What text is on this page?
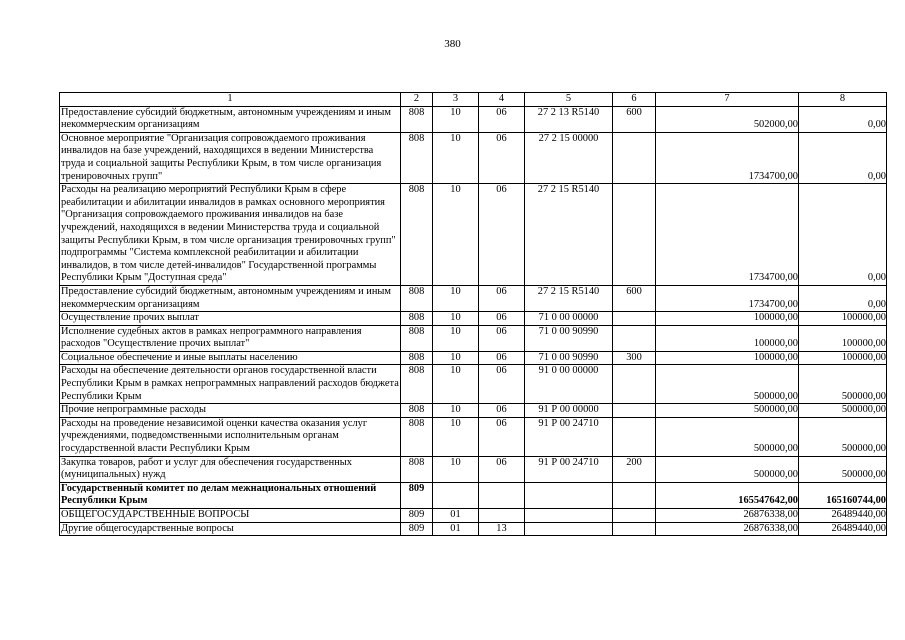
380
1	2	3	4	5	6	7	8
Предоставление субсидий бюджетным, автономным учреждениям и иным некоммерческим организациям	808	10	06	27 2 13 R5140	600	502000,00	0,00
Основное мероприятие "Организация сопровождаемого проживания инвалидов на базе учреждений, находящихся в ведении Министерства труда и социальной защиты Республики Крым, в том числе организация тренировочных групп"	808	10	06	27 2 15 00000		1734700,00	0,00
Расходы на реализацию мероприятий Республики Крым в сфере реабилитации и абилитации инвалидов в рамках основного мероприятия "Организация сопровождаемого проживания инвалидов на базе учреждений, находящихся в ведении Министерства труда и социальной защиты Республики Крым, в том числе организация тренировочных групп" подпрограммы "Система комплексной реабилитации и абилитации инвалидов, в том числе детей-инвалидов" Государственной программы Республики Крым "Доступная среда"	808	10	06	27 2 15 R5140		1734700,00	0,00
Предоставление субсидий бюджетным, автономным учреждениям и иным некоммерческим организациям	808	10	06	27 2 15 R5140	600	1734700,00	0,00
Осуществление прочих выплат	808	10	06	71 0 00 00000		100000,00	100000,00
Исполнение судебных актов в рамках непрограммного направления расходов "Осуществление прочих выплат"	808	10	06	71 0 00 90990		100000,00	100000,00
Социальное обеспечение и иные выплаты населению	808	10	06	71 0 00 90990	300	100000,00	100000,00
Расходы на обеспечение деятельности органов государственной власти Республики Крым в рамках непрограммных направлений расходов бюджета Республики Крым	808	10	06	91 0 00 00000		500000,00	500000,00
Прочие непрограммные расходы	808	10	06	91 Р 00 00000		500000,00	500000,00
Расходы на проведение независимой оценки качества оказания услуг учреждениями, подведомственными исполнительным органам государственной власти Республики Крым	808	10	06	91 Р 00 24710		500000,00	500000,00
Закупка товаров, работ и услуг для обеспечения государственных (муниципальных) нужд	808	10	06	91 Р 00 24710	200	500000,00	500000,00
Государственный комитет по делам межнациональных отношений Республики Крым	809					165547642,00	165160744,00
ОБЩЕГОСУДАРСТВЕННЫЕ ВОПРОСЫ	809	01				26876338,00	26489440,00
Другие общегосударственные вопросы	809	01	13			26876338,00	26489440,00
